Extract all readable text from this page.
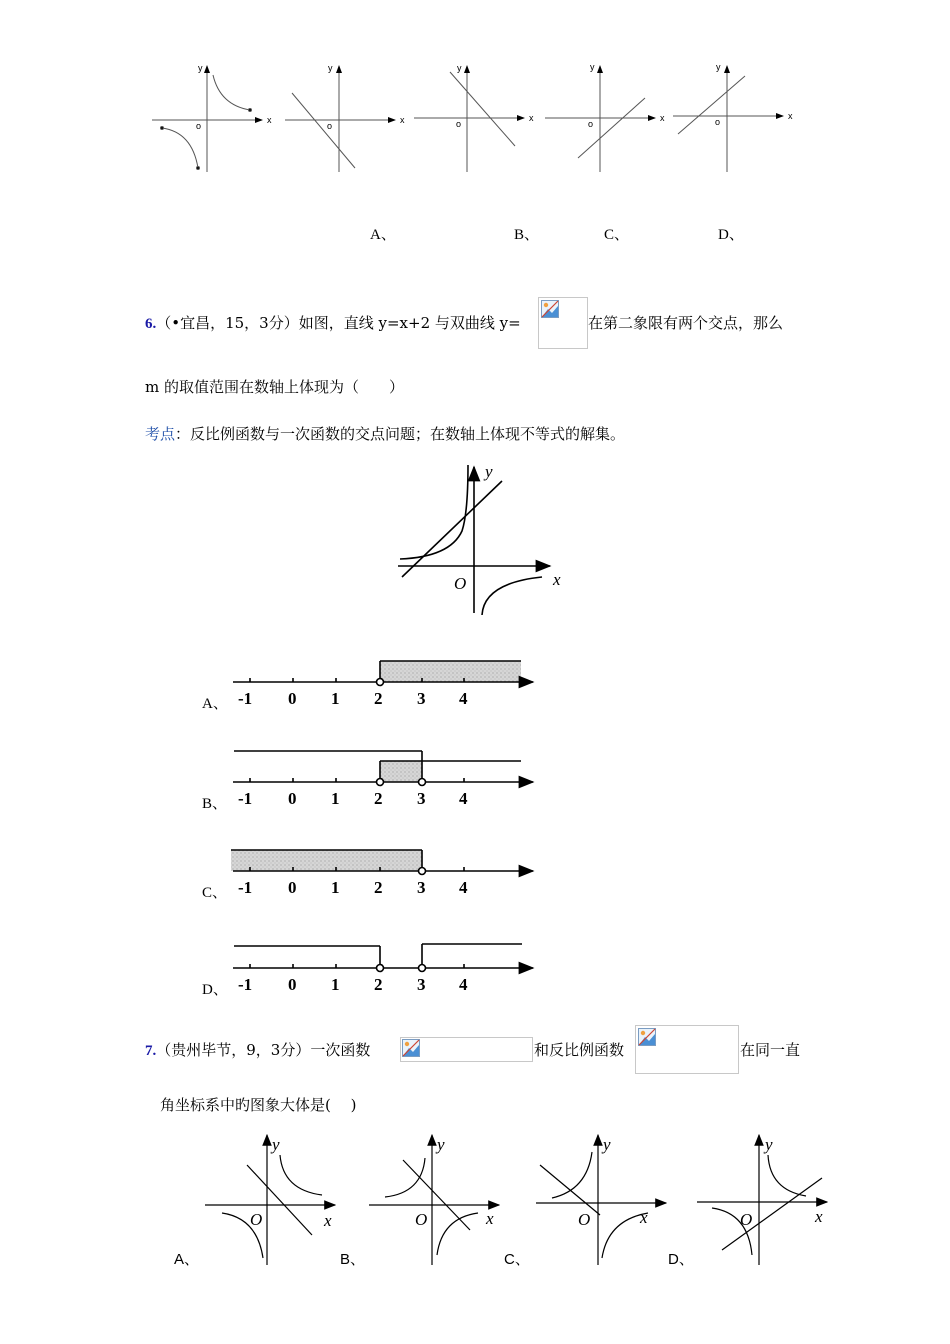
x
y
o
x
y
o
x
y
o
x
y
o
x
y
o
A、	B、	C、	D、
6.（•宜昌，15，3分）如图，直线 y=x+2 与双曲线 y=	在第二象限有两个交点，那么
m 的取值范围在数轴上体现为（　　）
考点：反比例函数与一次函数的交点问题；在数轴上体现不等式的解集。
x
y
O
-1 0 1 2 3 4
-1 0 1 2 3 4
-1 0 1 2 3 4
-1 0 1 2 3 4
A、
B、
C、
D、
7.（贵州毕节，9，3分）一次函数	和反比例函数	在同一直
角坐标系中旳图象大体是(　 )
x
y
O	x
y
O	x
y
O	x
y
O
A、	B、	C、	D、
